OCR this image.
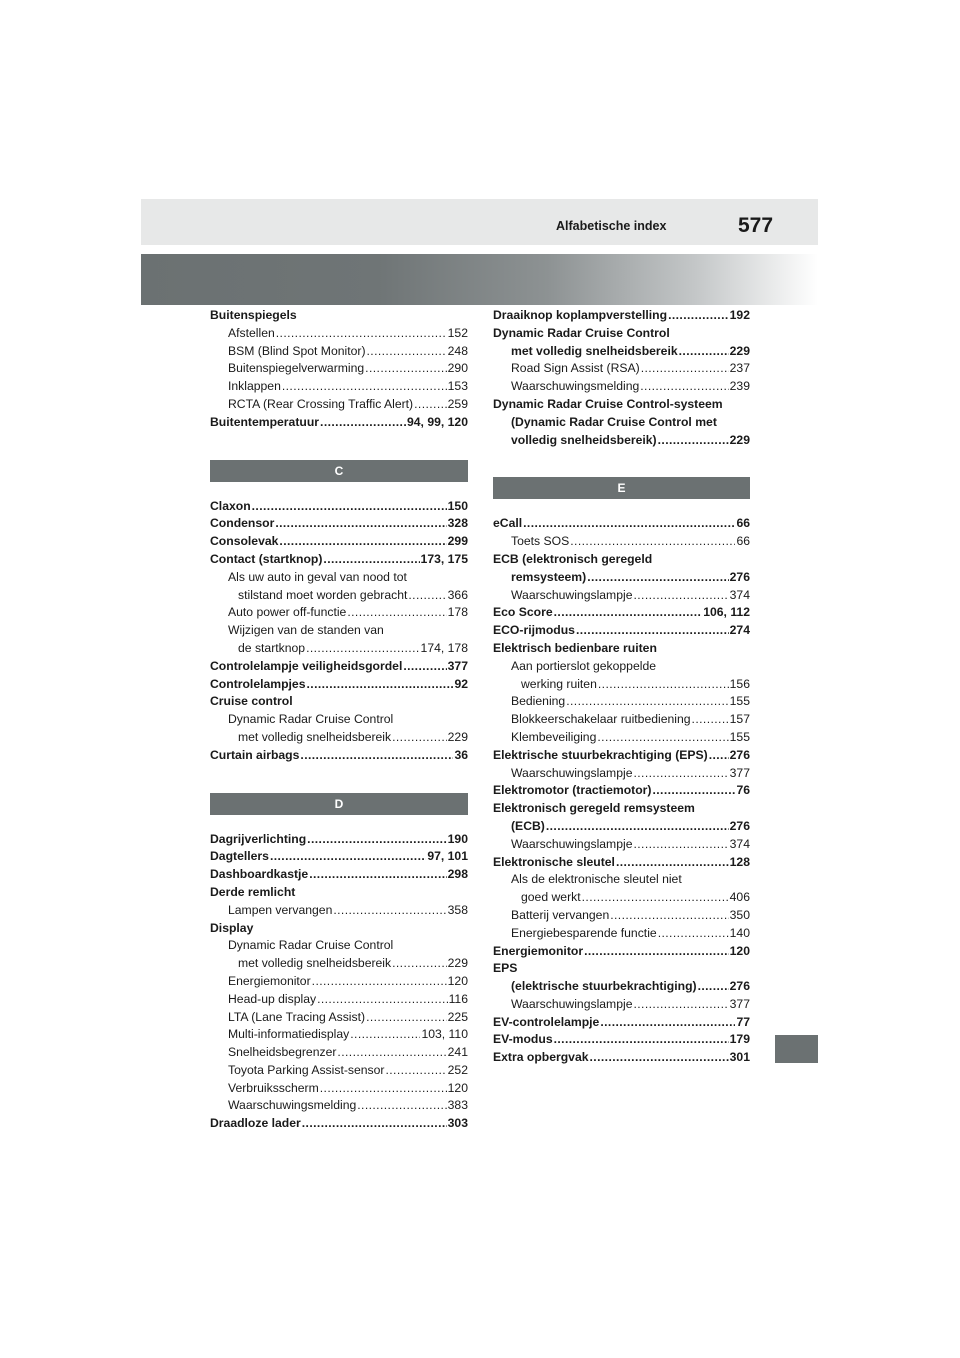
Alfabetische index	577
Buitenspiegels
Afstellen .....	152
BSM (Blind Spot Monitor) .....	248
Buitenspiegelverwarming .....	290
Inklappen .....	153
RCTA (Rear Crossing Traffic Alert) .....	259
Buitentemperatuur .....	94, 99, 120
C
Claxon .....	150
Condensor .....	328
Consolevak .....	299
Contact (startknop) .....	173, 175
Als uw auto in geval van nood tot
stilstand moet worden gebracht .....	366
Auto power off-functie .....	178
Wijzigen van de standen van
de startknop .....	174, 178
Controlelampje veiligheidsgordel .....	377
Controlelampjes .....	92
Cruise control
Dynamic Radar Cruise Control
met volledig snelheidsbereik .....	229
Curtain airbags .....	36
D
Dagrijverlichting .....	190
Dagtellers .....	97, 101
Dashboardkastje .....	298
Derde remlicht
Lampen vervangen .....	358
Display
Dynamic Radar Cruise Control
met volledig snelheidsbereik .....	229
Energiemonitor .....	120
Head-up display .....	116
LTA (Lane Tracing Assist) .....	225
Multi-informatiedisplay .....	103, 110
Snelheidsbegrenzer .....	241
Toyota Parking Assist-sensor .....	252
Verbruiksscherm .....	120
Waarschuwingsmelding .....	383
Draadloze lader .....	303
Draaiknop koplampverstelling .....	192
Dynamic Radar Cruise Control
met volledig snelheidsbereik .....	229
Road Sign Assist (RSA) .....	237
Waarschuwingsmelding .....	239
Dynamic Radar Cruise Control-systeem
(Dynamic Radar Cruise Control met
volledig snelheidsbereik) .....	229
E
eCall .....	66
Toets SOS .....	66
ECB (elektronisch geregeld
remsysteem) .....	276
Waarschuwingslampje .....	374
Eco Score .....	106, 112
ECO-rijmodus .....	274
Elektrisch bedienbare ruiten
Aan portierslot gekoppelde
werking ruiten .....	156
Bediening .....	155
Blokkeerschakelaar ruitbediening .....	157
Klembeveiliging .....	155
Elektrische stuurbekrachtiging (EPS) ..... 276
Waarschuwingslampje .....	377
Elektromotor (tractiemotor) .....	76
Elektronisch geregeld remsysteem
(ECB) .....	276
Waarschuwingslampje .....	374
Elektronische sleutel .....	128
Als de elektronische sleutel niet
goed werkt .....	406
Batterij vervangen .....	350
Energiebesparende functie .....	140
Energiemonitor .....	120
EPS
(elektrische stuurbekrachtiging) .....	276
Waarschuwingslampje .....	377
EV-controlelampje .....	77
EV-modus .....	179
Extra opbergvak .....	301
